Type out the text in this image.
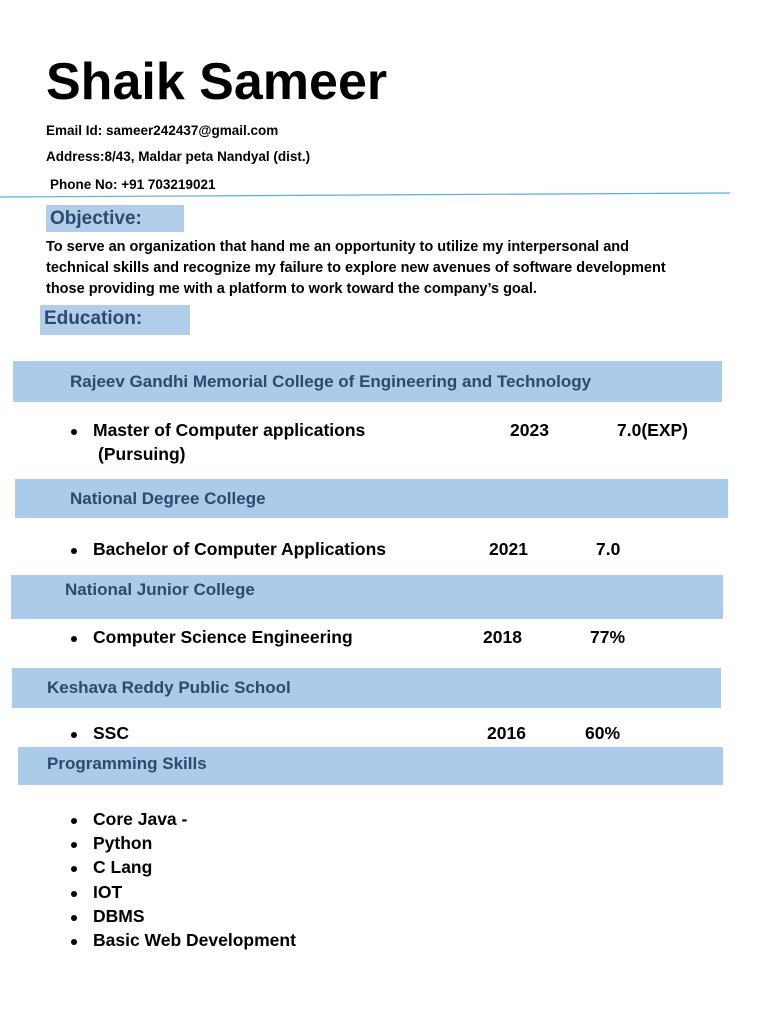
Shaik Sameer
Email Id: sameer242437@gmail.com
Address:8/43, Maldar peta Nandyal (dist.)
Phone No: +91 703219021
Objective:
To serve an organization that hand me an opportunity to utilize my interpersonal and
technical skills and recognize my failure to explore new avenues of software development
those providing me with a platform to work toward the company’s goal.
Education:
Rajeev Gandhi Memorial College of Engineering and Technology
Master of Computer applications
(Pursuing)
2023	7.0(EXP)
National Degree College
Bachelor of Computer Applications	2021	7.0
National Junior College
Computer Science Engineering	2018	77%
Keshava Reddy Public School
SSC	2016	60%
Programming Skills
Core Java -
Python
C Lang
IOT
DBMS
Basic Web Development
